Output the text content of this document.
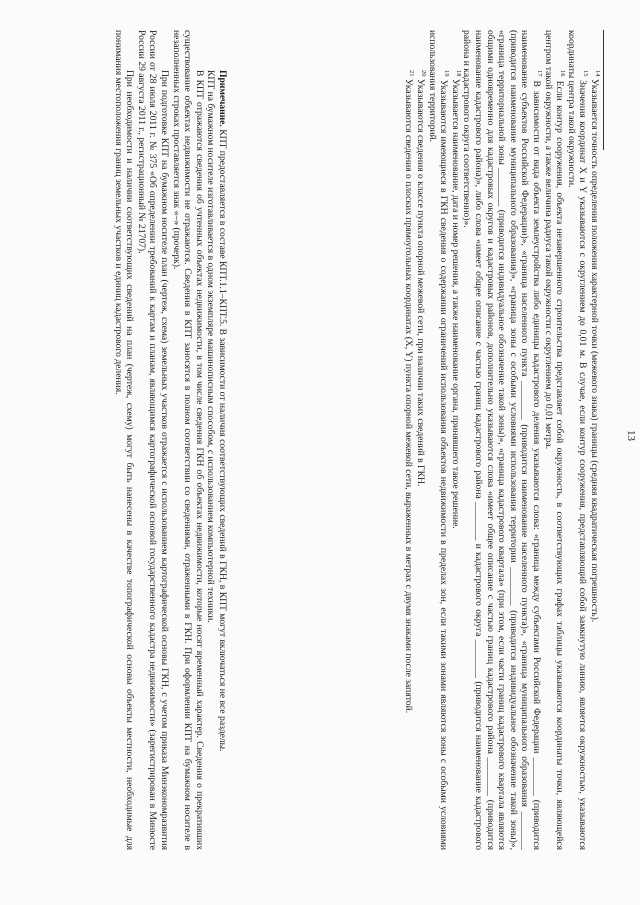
13

$^{14}$ Указывается точность определения положения характерной точки (межевого знака) границы (средняя квадратическая погрешность).

$^{15}$ Значения координат X и Y указываются с округлением до 0,01 м. В случае, если контур сооружения, представляющий собой замкнутую линию, является окружностью, указываются координаты центра такой окружности.

$^{16}$ Если контур сооружения, объекта незавершенного строительства представляет собой окружность, в соответствующих графах таблицы указываются координаты точки, являющейся центром такой окружности, а также величина радиуса такой окружности с округлением до 0,01 метра.

$^{17}$ В зависимости от вида объекта землеустройства либо единицы кадастрового деления указываются слова: «граница между субъектами Российской Федерации ________ (приводится наименование субъектов Российской Федерации)», «граница населенного пункта ________ (приводится наименование населенного пункта)», «граница муниципального образования ________ (приводится наименование муниципального образования)», «граница зоны с особыми условиями использования территории ________ (приводится индивидуальное обозначение такой зоны)», «граница территориальной зоны ________ (приводится индивидуальное обозначение такой зоны)», «граница кадастрового квартала» (при этом, если части границ кадастрового квартала являются общими одновременно для кадастровых округов и кадастровых районов, дополнительно указываются слова «имеет общее описание с частью границ кадастрового района ________ (приводится наименование кадастрового района)», либо слова «имеет общее описание с частью границ кадастрового района ________ и кадастрового округа ________ (приводится наименование кадастрового района и кадастрового округа соответственно)».

$^{18}$ Указывается наименование, дата и номер решения, а также наименование органа, принявшего такое решение.

$^{19}$ Указываются имеющиеся в ГКН сведения о содержании ограничений использования объектов недвижимости в пределах зон, если такими зонами являются зоны с особыми условиями использования территорий.

$^{20}$ Указываются сведения о классе пункта опорной межевой сети, при наличии таких сведений в ГКН.

$^{21}$ Указываются сведения о плоских прямоугольных координатах (X, Y) пункта опорной межевой сети, выраженных в метрах с двумя знаками после запятой.

Примечание. КПТ предоставляется в составе КПТ.1.1–КПТ.5. В зависимости от наличия соответствующих сведений в ГКН, в КПТ могут включаться не все разделы.

КПТ на бумажном носителе изготавливается в одном экземпляре машинописным способом, с использованием компьютерной техники.

В КПТ отражаются сведения об учтенных объектах недвижимости, в том числе сведения ГКН об объектах недвижимости, которые носят временный характер. Сведения о прекративших существование объектах недвижимости не отражаются. Сведения в КПТ заносятся в полном соответствии со сведениями, отраженными в ГКН. При оформлении КПТ на бумажном носителе в незаполненных строках проставляется знак «–» (прочерк).

При подготовке КПТ на бумажном носителе план (чертеж, схема) земельных участков отражается с использованием картографической основы ГКН, с учетом приказа Минэкономразвития России от 28 июля 2011 г. № 375 «Об определении требований к картам и планам, являющимся картографической основой государственного кадастра недвижимости» (зарегистрирован в Минюсте России 29 августа 2011 г., регистрационный № 21707).

При необходимости и наличии соответствующих сведений на план (чертеж, схему) могут быть нанесены в качестве топографической основы объекты местности, необходимые для понимания местоположения границ земельных участков и единиц кадастрового деления.
